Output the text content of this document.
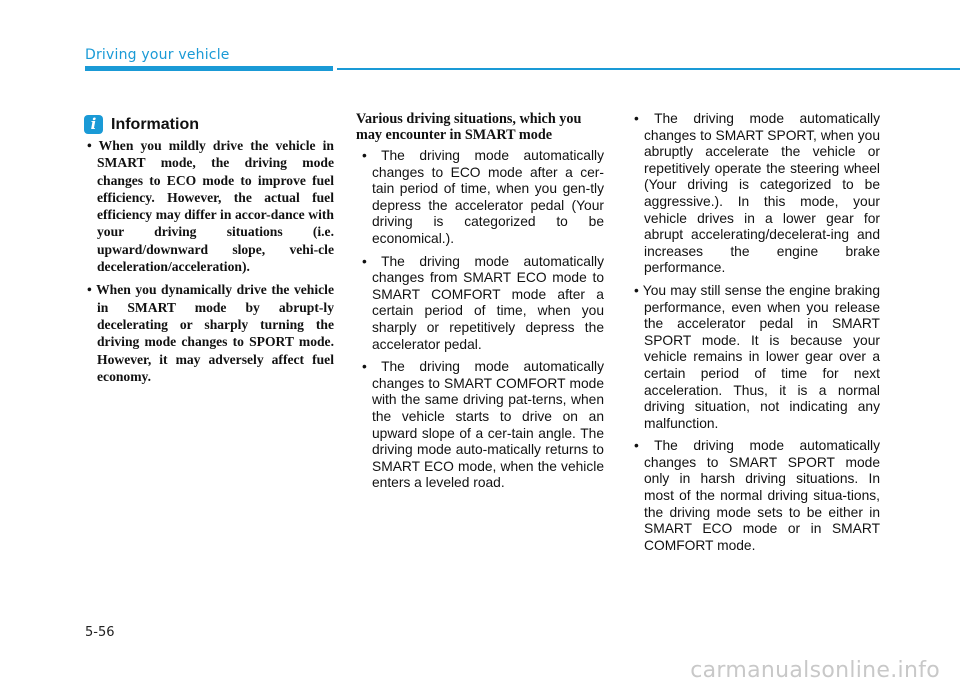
Driving your vehicle
i Information
• When you mildly drive the vehicle in SMART mode, the driving mode changes to ECO mode to improve fuel efficiency. However, the actual fuel efficiency may differ in accor-dance with your driving situations (i.e. upward/downward slope, vehi-cle deceleration/acceleration).
• When you dynamically drive the vehicle in SMART mode by abrupt-ly decelerating or sharply turning the driving mode changes to SPORT mode. However, it may adversely affect fuel economy.
Various driving situations, which you may encounter in SMART mode
• The driving mode automatically changes to ECO mode after a cer-tain period of time, when you gen-tly depress the accelerator pedal (Your driving is categorized to be economical.).
• The driving mode automatically changes from SMART ECO mode to SMART COMFORT mode after a certain period of time, when you sharply or repetitively depress the accelerator pedal.
• The driving mode automatically changes to SMART COMFORT mode with the same driving pat-terns, when the vehicle starts to drive on an upward slope of a cer-tain angle. The driving mode auto-matically returns to SMART ECO mode, when the vehicle enters a leveled road.
• The driving mode automatically changes to SMART SPORT, when you abruptly accelerate the vehicle or repetitively operate the steering wheel (Your driving is categorized to be aggressive.). In this mode, your vehicle drives in a lower gear for abrupt accelerating/decelerat-ing and increases the engine brake performance.
• You may still sense the engine braking performance, even when you release the accelerator pedal in SMART SPORT mode. It is because your vehicle remains in lower gear over a certain period of time for next acceleration. Thus, it is a normal driving situation, not indicating any malfunction.
• The driving mode automatically changes to SMART SPORT mode only in harsh driving situations. In most of the normal driving situa-tions, the driving mode sets to be either in SMART ECO mode or in SMART COMFORT mode.
5-56
carmanualsonline.info
